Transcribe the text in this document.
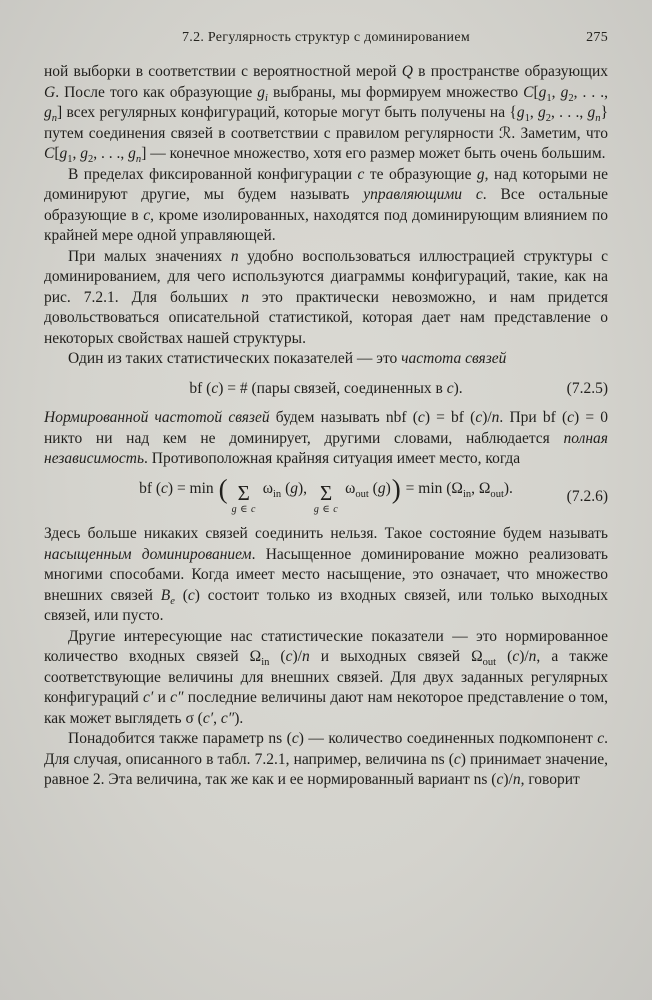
7.2. Регулярность структур с доминированием	275

ной выборки в соответствии с вероятностной мерой Q в пространстве образующих G. После того как образующие $g_i$ выбраны, мы формируем множество $C[g_1$, $g_2$, . . ., $g_n$] всех регулярных конфигураций, которые могут быть получены на {$g_1$, $g_2$, . . ., $g_n$} путем соединения связей в соответствии с правилом регулярности ℛ. Заметим, что $C[g_1$, $g_2$, . . ., $g_n$] — конечное множество, хотя его размер может быть очень большим.

В пределах фиксированной конфигурации c те образующие g, над которыми не доминируют другие, мы будем называть управляющими c. Все остальные образующие в c, кроме изолированных, находятся под доминирующим влиянием по крайней мере одной управляющей.

При малых значениях n удобно воспользоваться иллюстрацией структуры с доминированием, для чего используются диаграммы конфигураций, такие, как на рис. 7.2.1. Для больших n это практически невозможно, и нам придется довольствоваться описательной статистикой, которая дает нам представление о некоторых свойствах нашей структуры.

Один из таких статистических показателей — это частота связей

bf (c) = # (пары связей, соединенных в c).	(7.2.5)

Нормированной частотой связей будем называть nbf (c) = bf (c)/n. При bf (c) = 0 никто ни над кем не доминирует, другими словами, наблюдается полная независимость. Противоположная крайняя ситуация имеет место, когда

bf (c) = min ( Σ
g ∈ c
$\omega_{in}$ (g), Σ
g ∈ c
$\omega_{out}$ $(g)) = \min (\Omega_{in}$, $\Omega_{out}$).	(7.2.6)

Здесь больше никаких связей соединить нельзя. Такое состояние будем называть насыщенным доминированием. Насыщенное доминирование можно реализовать многими способами. Когда имеет место насыщение, это означает, что множество внешних связей $B_e$ (c) состоит только из входных связей, или только выходных связей, или пусто.

Другие интересующие нас статистические показатели — это нормированное количество входных связей $\Omega_{in}$ (c)/n и выходных связей $\Omega_{out}$ (c)/n, а также соответствующие величины для внешних связей. Для двух заданных регулярных конфигураций c′ и c″ последние величины дают нам некоторое представление о том, как может выглядеть σ (c′, c″).

Понадобится также параметр ns (c) — количество соединенных подкомпонент c. Для случая, описанного в табл. 7.2.1, например, величина ns (c) принимает значение, равное 2. Эта величина, так же как и ее нормированный вариант ns (c)/n, говорит
